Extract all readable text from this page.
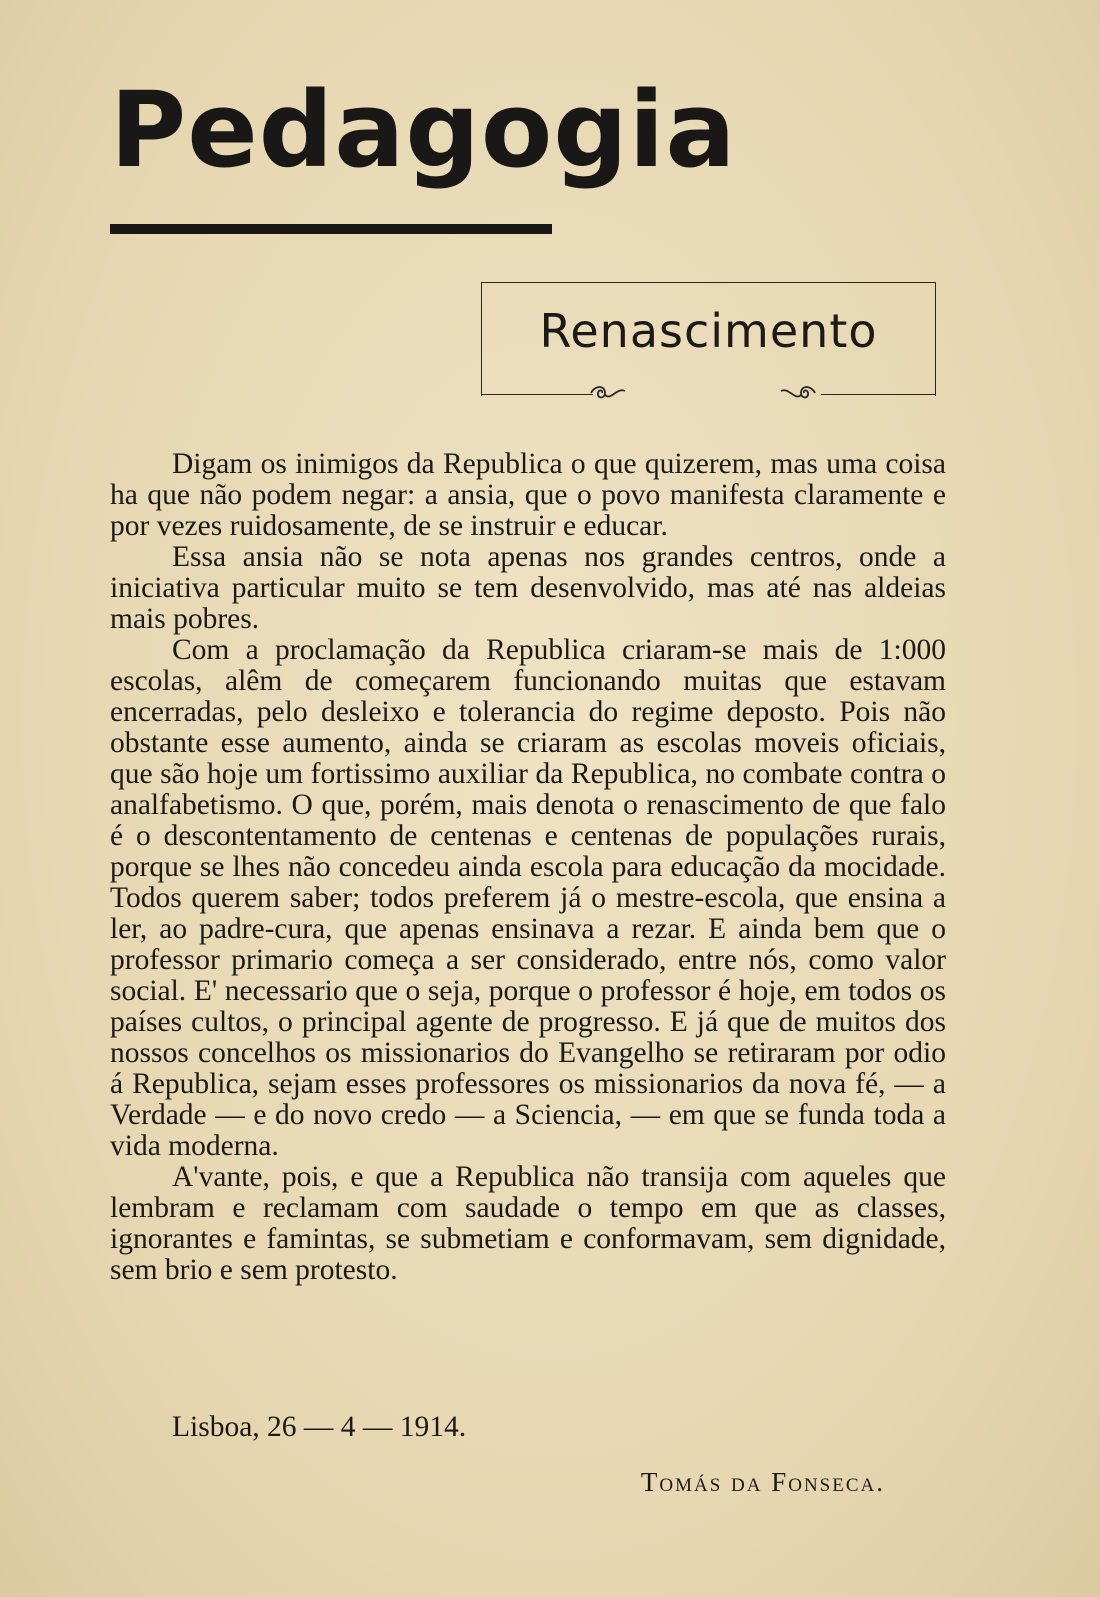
Pedagogia
Renascimento

Digam os inimigos da Republica o que quizerem, mas uma coisa ha que não podem negar: a ansia, que o povo manifesta claramente e por vezes ruidosamente, de se instruir e educar.

Essa ansia não se nota apenas nos grandes centros, onde a iniciativa particular muito se tem desenvolvido, mas até nas aldeias mais pobres.

Com a proclamação da Republica criaram-se mais de 1:000 escolas, alêm de começarem funcionando muitas que estavam encerradas, pelo desleixo e tolerancia do regime deposto. Pois não obstante esse aumento, ainda se criaram as escolas moveis oficiais, que são hoje um fortissimo auxiliar da Republica, no combate contra o analfabetismo. O que, porém, mais denota o renascimento de que falo é o descontentamento de centenas e centenas de populações rurais, porque se lhes não concedeu ainda escola para educação da mocidade. Todos querem saber; todos preferem já o mestre-escola, que ensina a ler, ao padre-cura, que apenas ensinava a rezar. E ainda bem que o professor primario começa a ser considerado, entre nós, como valor social. E' necessario que o seja, porque o professor é hoje, em todos os países cultos, o principal agente de progresso. E já que de muitos dos nossos concelhos os missionarios do Evangelho se retiraram por odio á Republica, sejam esses professores os missionarios da nova fé, — a Verdade — e do novo credo — a Sciencia, — em que se funda toda a vida moderna.

A'vante, pois, e que a Republica não transija com aqueles que lembram e reclamam com saudade o tempo em que as classes, ignorantes e famintas, se submetiam e conformavam, sem dignidade, sem brio e sem protesto.

Lisboa, 26 — 4 — 1914.
Tomás da Fonseca.
